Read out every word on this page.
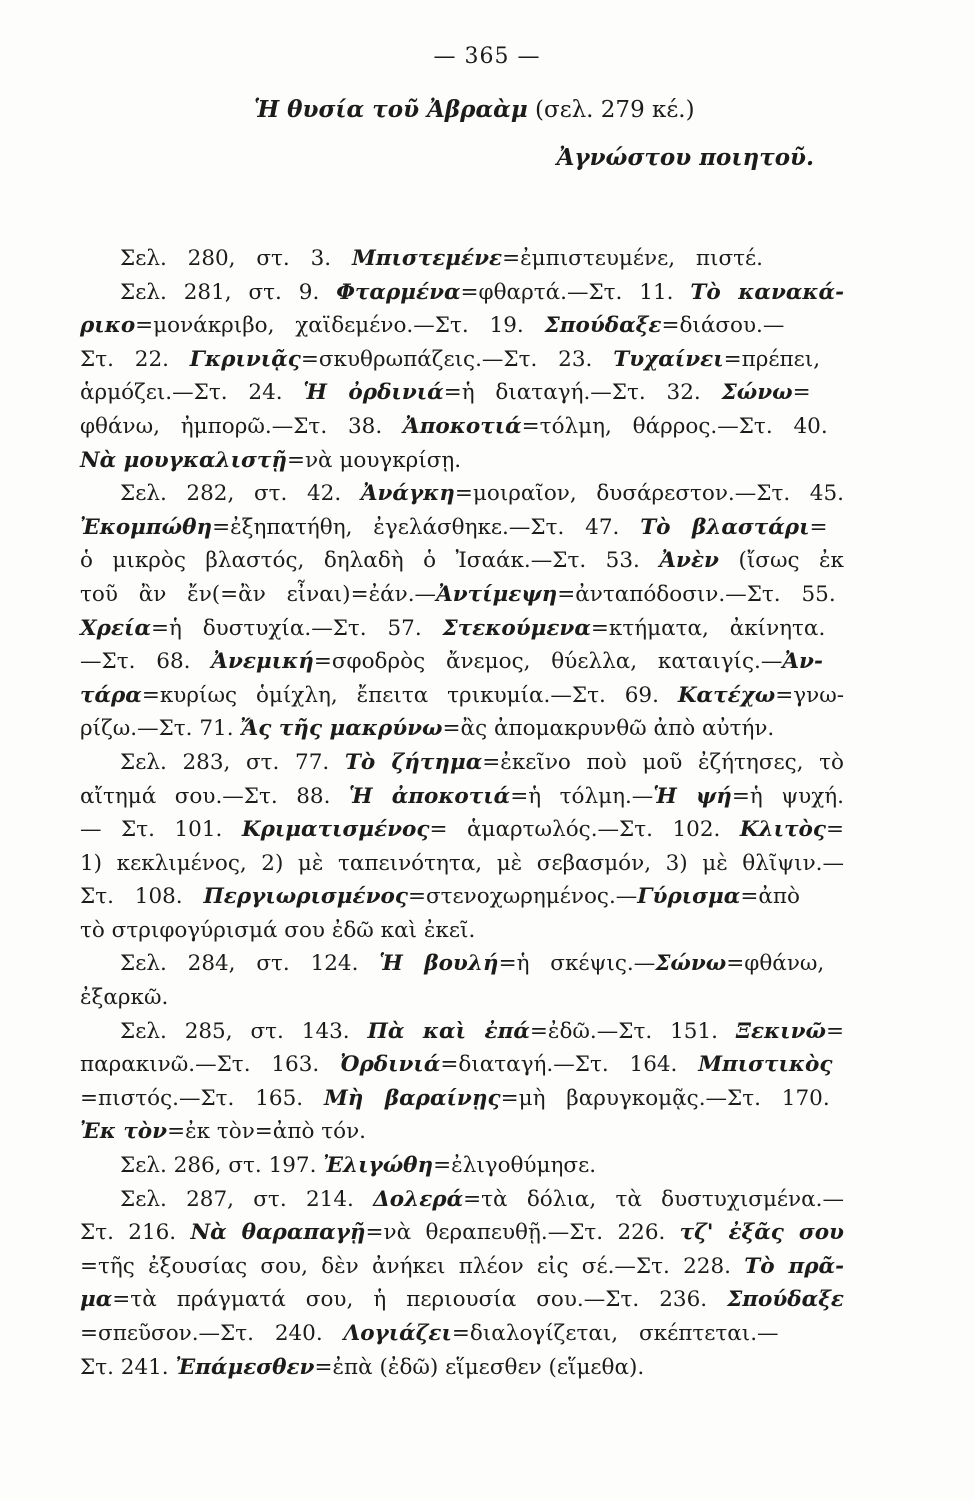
— 365 —
Ἡ θυσία τοῦ Ἀβραὰμ (σελ. 279 κέ.)
Ἀγνώστου ποιητοῦ.
Σελ. 280, στ. 3. Μπιστεμένε=ἐμπιστευμένε, πιστέ.
Σελ. 281, στ. 9. Φταρμένα=φθαρτά.—Στ. 11. Τὸ κανακά-
ρικο=μονάκριβο, χαϊδεμένο.—Στ. 19. Σπούδαξε=διάσου.—
Στ. 22. Γκρινιᾷς=σκυθρωπάζεις.—Στ. 23. Τυχαίνει=πρέπει,
ἁρμόζει.—Στ. 24. Ἡ ὀρδινιά=ἡ διαταγή.—Στ. 32. Σώνω=
φθάνω, ἠμπορῶ.—Στ. 38. Ἀποκοτιά=τόλμη, θάρρος.—Στ. 40.
Νὰ μουγκαλιστῇ=νὰ μουγκρίσῃ.
Σελ. 282, στ. 42. Ἀνάγκη=μοιραῖον, δυσάρεστον.—Στ. 45.
Ἐκομπώθη=ἐξηπατήθη, ἐγελάσθηκε.—Στ. 47. Τὸ βλαστάρι=
ὁ μικρὸς βλαστός, δηλαδὴ ὁ Ἰσαάκ.—Στ. 53. Ἀνὲν (ἴσως ἐκ
τοῦ ἂν ἔν(=ἂν εἶναι)=ἐάν.—Ἀντίμεψη=ἀνταπόδοσιν.—Στ. 55.
Χρεία=ἡ δυστυχία.—Στ. 57. Στεκούμενα=κτήματα, ἀκίνητα.
—Στ. 68. Ἀνεμική=σφοδρὸς ἄνεμος, θύελλα, καταιγίς.—Ἀν-
τάρα=κυρίως ὁμίχλη, ἔπειτα τρικυμία.—Στ. 69. Κατέχω=γνω-
ρίζω.—Στ. 71. Ἄς τῆς μακρύνω=ἂς ἀπομακρυνθῶ ἀπὸ αὐτήν.
Σελ. 283, στ. 77. Τὸ ζήτημα=ἐκεῖνο ποὺ μοῦ ἐζήτησες, τὸ
αἴτημά σου.—Στ. 88. Ἡ ἀποκοτιά=ἡ τόλμη.—Ἡ ψή=ἡ ψυχή.
— Στ. 101. Κριματισμένος= ἁμαρτωλός.—Στ. 102. Κλιτὸς=
1) κεκλιμένος, 2) μὲ ταπεινότητα, μὲ σεβασμόν, 3) μὲ θλῖψιν.—
Στ. 108. Περγιωρισμένος=στενοχωρημένος.—Γύρισμα=ἀπὸ
τὸ στριφογύρισμά σου ἐδῶ καὶ ἐκεῖ.
Σελ. 284, στ. 124. Ἡ βουλή=ἡ σκέψις.—Σώνω=φθάνω,
ἐξαρκῶ.
Σελ. 285, στ. 143. Πὰ καὶ ἐπά=ἐδῶ.—Στ. 151. Ξεκινῶ=
παρακινῶ.—Στ. 163. Ὀρδινιά=διαταγή.—Στ. 164. Μπιστικὸς
=πιστός.—Στ. 165. Μὴ βαραίνῃς=μὴ βαρυγκομᾷς.—Στ. 170.
Ἐκ τὸν=ἐκ τὸν=ἀπὸ τόν.
Σελ. 286, στ. 197. Ἐλιγώθη=ἐλιγοθύμησε.
Σελ. 287, στ. 214. Δολερά=τὰ δόλια, τὰ δυστυχισμένα.—
Στ. 216. Νὰ θαραπαγῇ=νὰ θεραπευθῇ.—Στ. 226. τζ' ἐξᾶς σου
=τῆς ἐξουσίας σου, δὲν ἀνήκει πλέον εἰς σέ.—Στ. 228. Τὸ πρᾶ-
μα=τὰ πράγματά σου, ἡ περιουσία σου.—Στ. 236. Σπούδαξε
=σπεῦσον.—Στ. 240. Λογιάζει=διαλογίζεται, σκέπτεται.—
Στ. 241. Ἐπάμεσθεν=ἐπὰ (ἐδῶ) εἵμεσθεν (εἵμεθα).
